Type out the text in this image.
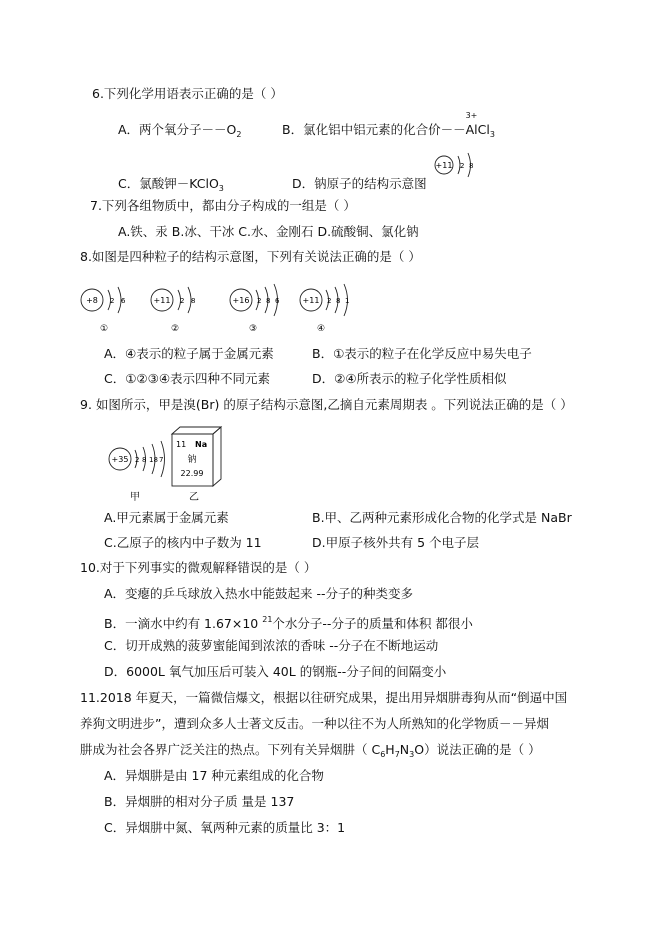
6.下列化学用语表示正确的是（ ）
A．两个氧分子$--O_2$	B．氯化铝中铝元素的化合价－－
3+
AlCl$_3$
C．氯酸钾－KClO$_3$	D．钠原子的结构示意图
+11 2 8
7.下列各组物质中，都由分子构成的一组是（ ）
A.铁、汞 B.冰、干冰 C.水、金刚石 D.硫酸铜、氯化钠
8.如图是四种粒子的结构示意图，下列有关说法正确的是（ ）
+8 2 6
①
+11 2 8
②
+16 2 8 6
③
+11 2 8 1
④
A．④表示的粒子属于金属元素	B．①表示的粒子在化学反应中易失电子
C．①②③④表示四种不同元素	D．②④所表示的粒子化学性质相似
9. 如图所示，甲是溴(Br) 的原子结构示意图,乙摘自元素周期表 。下列说法正确的是（ ）
+35 2 8 18 7
11 Na
钠
22.99
甲	乙
A.甲元素属于金属元素	B.甲、乙两种元素形成化合物的化学式是 NaBr
C.乙原子的核内中子数为 11	D.甲原子核外共有 5 个电子层
10.对于下列事实的微观解释错误的是（ ）
A．变瘪的乒乓球放入热水中能鼓起来 --分子的种类变多
B．一滴水中约有 1.67×10 $^{21}$个水分子--分子的质量和体积 都很小
C．切开成熟的菠萝蜜能闻到浓浓的香味 --分子在不断地运动
D．6000L 氧气加压后可装入 40L 的钢瓶--分子间的间隔变小
11.2018 年夏天，一篇微信爆文，根据以往研究成果，提出用异烟肼毒狗从而“倒逼中国
养狗文明进步”，遭到众多人士著文反击。一种以往不为人所熟知的化学物质－－异烟
肼成为社会各界广泛关注的热点。下列有关异烟肼（ $C_6H_7N_3O$）说法正确的是（ ）
A．异烟肼是由 17 种元素组成的化合物
B．异烟肼的相对分子质 量是 137
C．异烟肼中氮、氧两种元素的质量比 3：1
